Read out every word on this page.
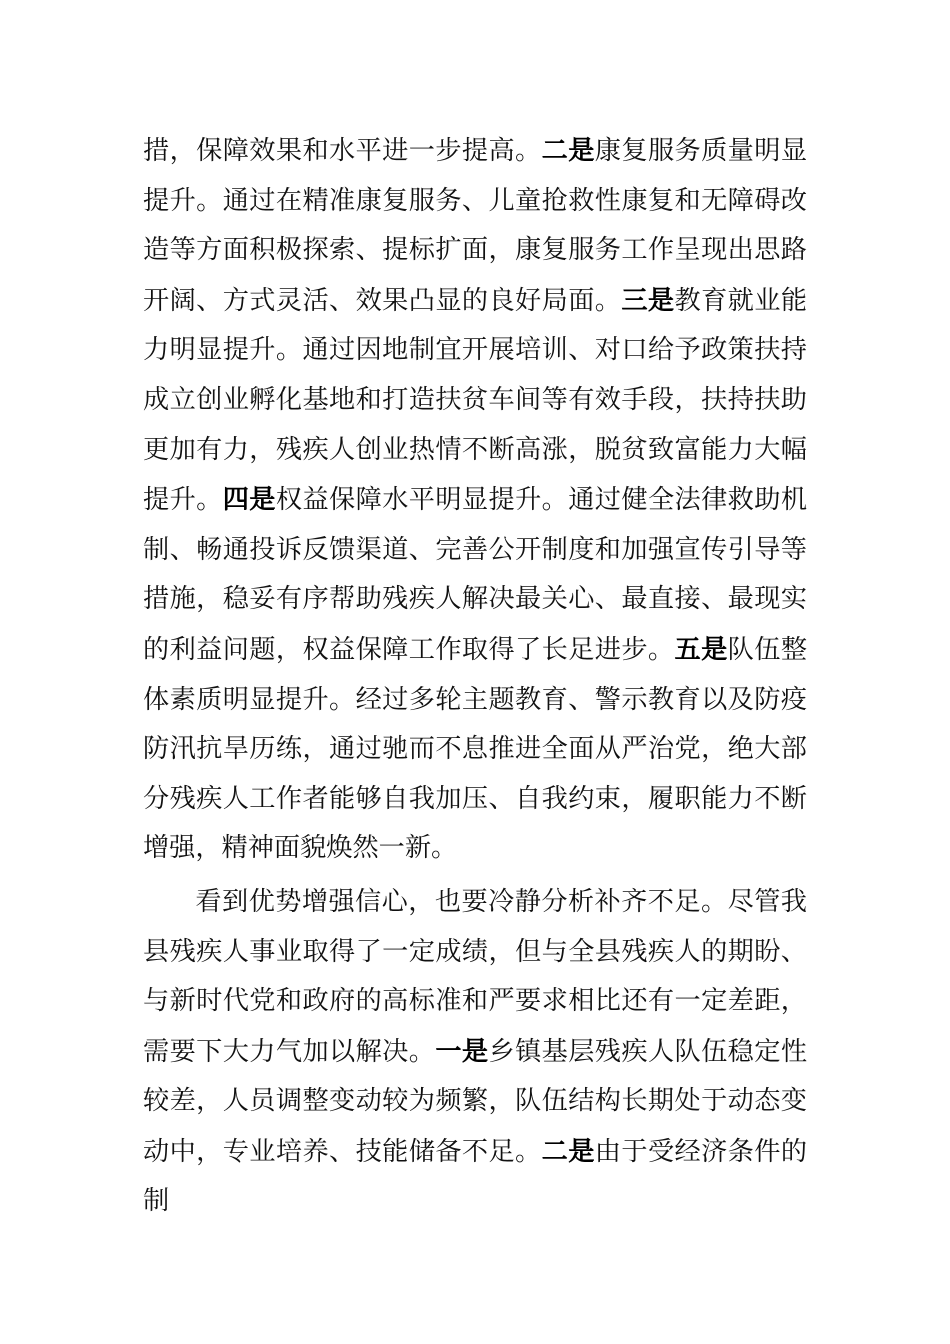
措，保障效果和水平进一步提高。二是康复服务质量明显提升。通过在精准康复服务、儿童抢救性康复和无障碍改造等方面积极探索、提标扩面，康复服务工作呈现出思路开阔、方式灵活、效果凸显的良好局面。三是教育就业能力明显提升。通过因地制宜开展培训、对口给予政策扶持成立创业孵化基地和打造扶贫车间等有效手段，扶持扶助更加有力，残疾人创业热情不断高涨，脱贫致富能力大幅提升。四是权益保障水平明显提升。通过健全法律救助机制、畅通投诉反馈渠道、完善公开制度和加强宣传引导等措施，稳妥有序帮助残疾人解决最关心、最直接、最现实的利益问题，权益保障工作取得了长足进步。五是队伍整体素质明显提升。经过多轮主题教育、警示教育以及防疫防汛抗旱历练，通过驰而不息推进全面从严治党，绝大部分残疾人工作者能够自我加压、自我约束，履职能力不断增强，精神面貌焕然一新。

看到优势增强信心，也要冷静分析补齐不足。尽管我县残疾人事业取得了一定成绩，但与全县残疾人的期盼、与新时代党和政府的高标准和严要求相比还有一定差距，需要下大力气加以解决。一是乡镇基层残疾人队伍稳定性较差，人员调整变动较为频繁，队伍结构长期处于动态变动中，专业培养、技能储备不足。二是由于受经济条件的制
